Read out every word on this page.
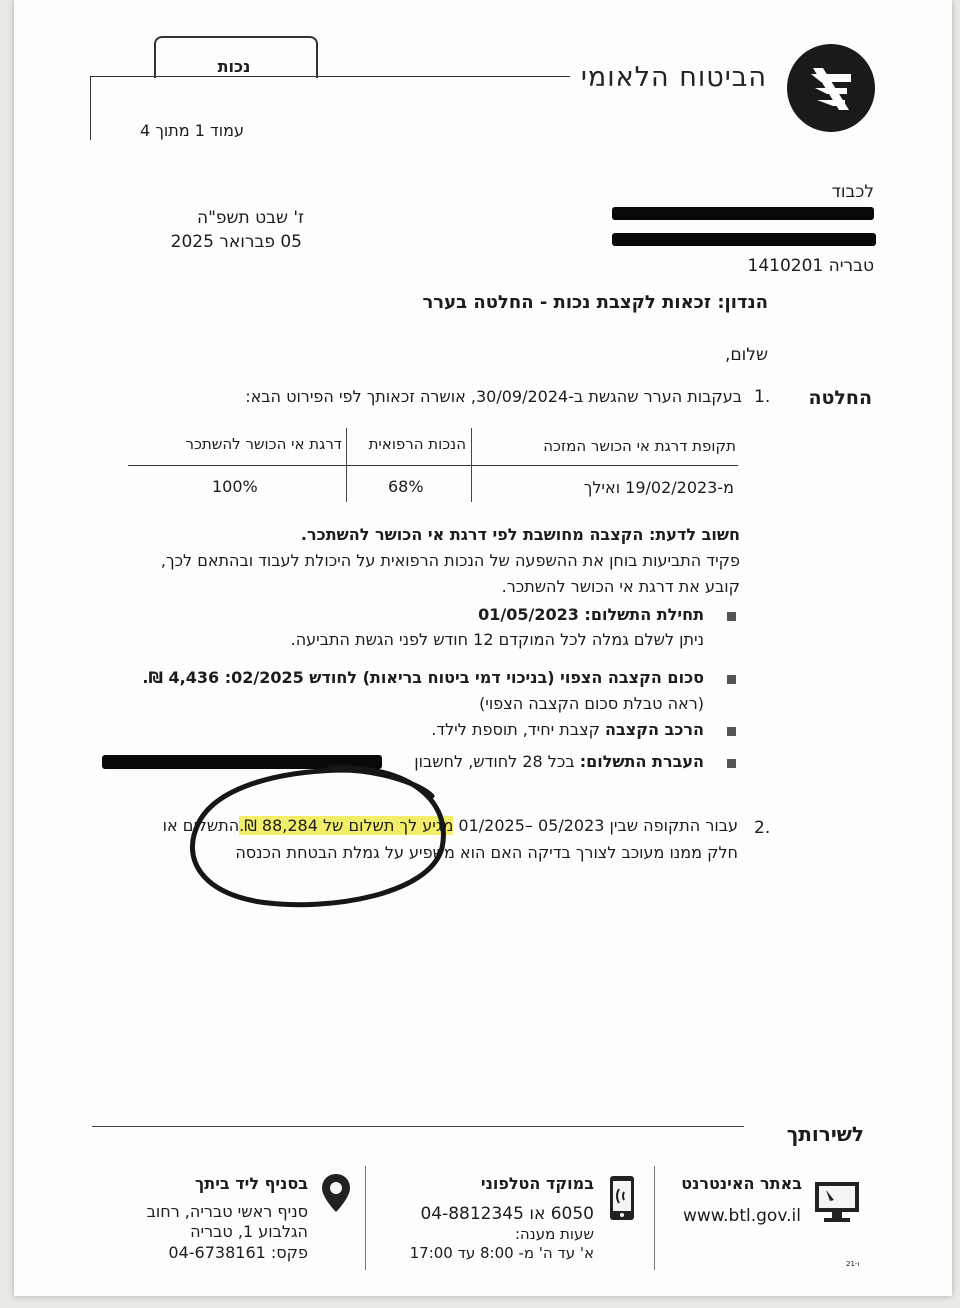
הביטוח הלאומי
נכות
עמוד 1 מתוך 4
לכבוד
טבריה 1410201
ז' שבט תשפ"ה
05 פברואר 2025
הנדון: זכאות לקצבת נכות - החלטה בערר
שלום,
החלטה
1.
בעקבות הערר שהגשת ב-30/09/2024, אושרה זכאותך לפי הפירוט הבא:
תקופת דרגת אי הכושר המזכה
הנכות הרפואית
דרגת אי הכושר להשתכר
מ-19/02/2023 ואילך
68%
100%
חשוב לדעת: הקצבה מחושבת לפי דרגת אי הכושר להשתכר.
פקיד התביעות בוחן את ההשפעה של הנכות הרפואית על היכולת לעבוד ובהתאם לכך,
קובע את דרגת אי הכושר להשתכר.
תחילת התשלום: 01/05/2023
ניתן לשלם גמלה לכל המוקדם 12 חודש לפני הגשת התביעה.
סכום הקצבה הצפוי (בניכוי דמי ביטוח בריאות) לחודש 02/2025: 4,436 ₪.
(ראה טבלת סכום הקצבה הצפוי)
הרכב הקצבה קצבת יחיד, תוספת לילד.
העברת התשלום: בכל 28 לחודש, לחשבון
2.
עבור התקופה שבין 05/2023 –01/2025 מגיע לך תשלום של 88,284 ₪.התשלום או
חלק ממנו מעוכב לצורך בדיקה האם הוא משפיע על גמלת הבטחת הכנסה
לשירותך
באתר האינטרנט
www.btl.gov.il
במוקד הטלפוני
6050 או 04-8812345
שעות מענה:
א' עד ה' מ- 8:00 עד 17:00
בסניף ליד ביתך
סניף ראשי טבריה, רחוב
הגלבוע 1, טבריה
פקס: 04-6738161
21-ו
